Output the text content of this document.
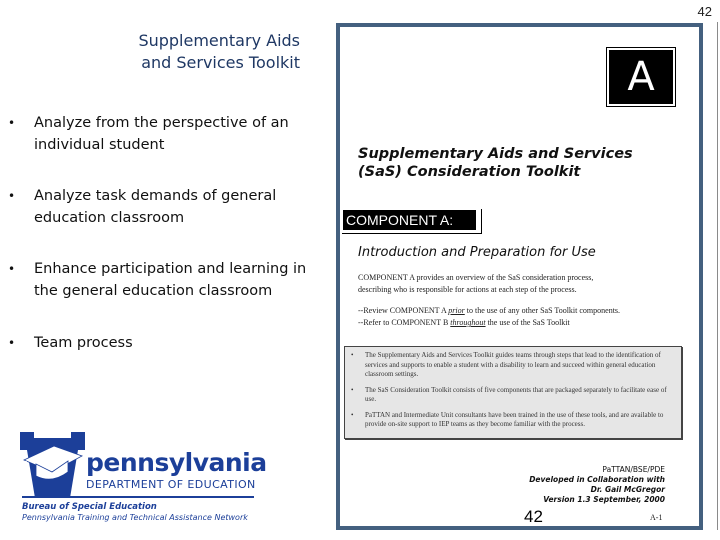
42
Supplementary Aids
and Services Toolkit
•	Analyze from the perspective of an
individual student
•	Analyze task demands of general
education classroom
•	Enhance participation and learning in
the general education classroom
•	Team process
A
Supplementary Aids and Services
(SaS) Consideration Toolkit
COMPONENT A:
Introduction and Preparation for Use
COMPONENT A provides an overview of the SaS consideration process,
describing who is responsible for actions at each step of the process.
--Review COMPONENT A prior to the use of any other SaS Toolkit components.
--Refer to COMPONENT B throughout the use of the SaS Toolkit
•	The Supplementary Aids and Services Toolkit guides teams through steps that lead to the identification of services and supports to enable a student with a disability to learn and succeed within general education classroom settings.
•	The SaS Consideration Toolkit consists of five components that are packaged separately to facilitate ease of use.
•	PaTTAN and Intermediate Unit consultants have been trained in the use of these tools, and are available to provide on-site support to IEP teams as they become familiar with the process.
PaTTAN/BSE/PDE
Developed in Collaboration with
Dr. Gail McGregor
Version 1.3 September, 2000
42	A-1
pennsylvania
DEPARTMENT OF EDUCATION
Bureau of Special Education
Pennsylvania Training and Technical Assistance Network
